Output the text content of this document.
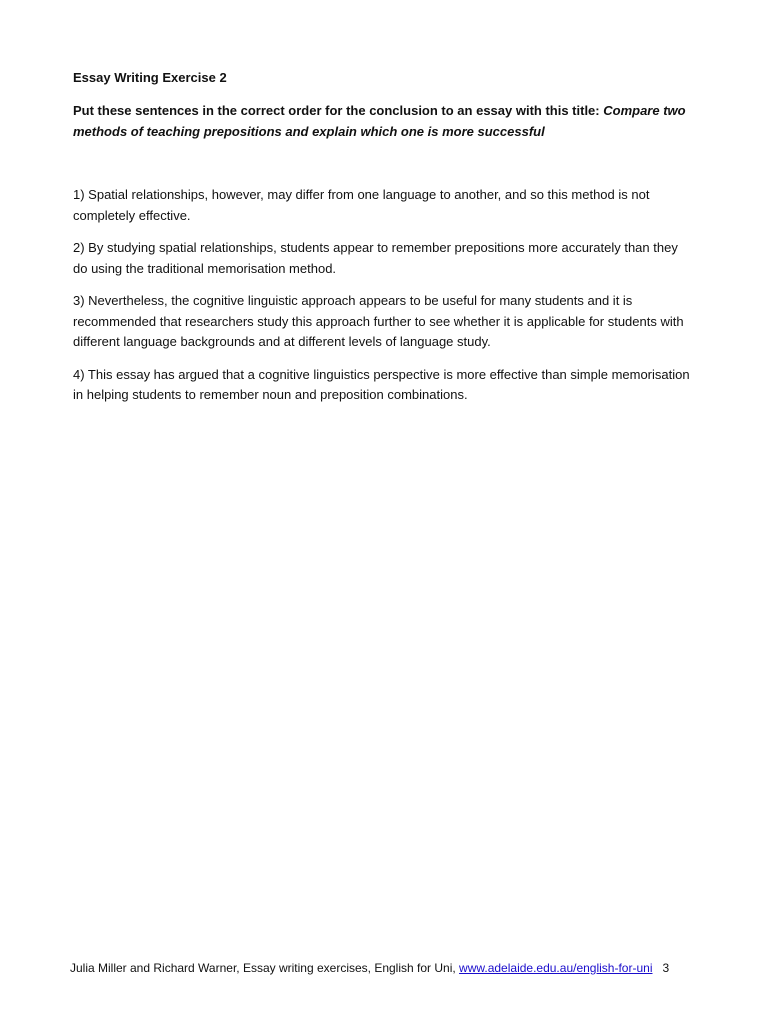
Essay Writing Exercise 2

Put these sentences in the correct order for the conclusion to an essay with this title: Compare two methods of teaching prepositions and explain which one is more successful

1) Spatial relationships, however, may differ from one language to another, and so this method is not completely effective.

2) By studying spatial relationships, students appear to remember prepositions more accurately than they do using the traditional memorisation method.

3) Nevertheless, the cognitive linguistic approach appears to be useful for many students and it is recommended that researchers study this approach further to see whether it is applicable for students with different language backgrounds and at different levels of language study.

4) This essay has argued that a cognitive linguistics perspective is more effective than simple memorisation in helping students to remember noun and preposition combinations.

Julia Miller and Richard Warner, Essay writing exercises, English for Uni, www.adelaide.edu.au/english-for-uni 3
